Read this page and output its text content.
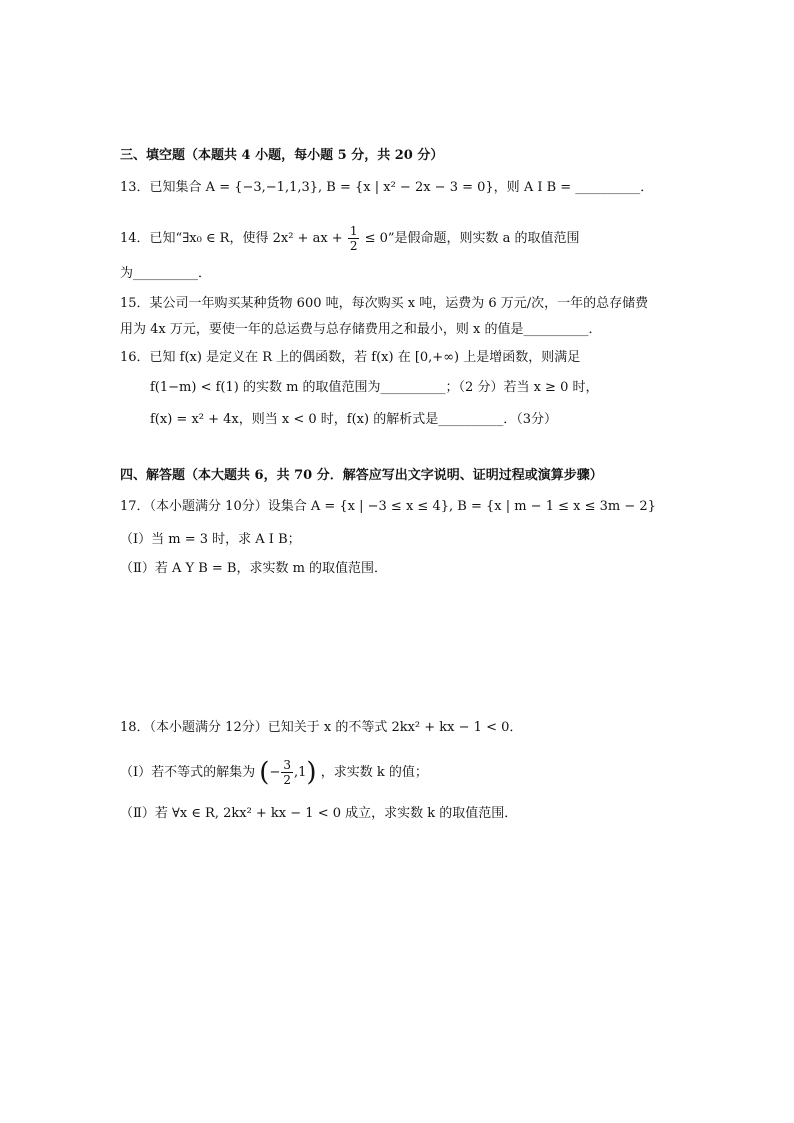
三、填空题（本题共 4 小题，每小题 5 分，共 20 分）
13．已知集合 A = {−3,−1,1,3}, B = {x | x² − 2x − 3 = 0}，则 A I B = __________．
14．已知“∃x₀ ∈ R，使得 2x² + ax + $\frac{1}{2} \le 0$”是假命题，则实数 a 的取值范围
为__________．
15．某公司一年购买某种货物 600 吨，每次购买 x 吨，运费为 6 万元/次，一年的总存储费
用为 4x 万元，要使一年的总运费与总存储费用之和最小，则 x 的值是__________．
16．已知 f(x) 是定义在 R 上的偶函数，若 f(x) 在 [0,+∞) 上是增函数，则满足
f(1−m) < f(1) 的实数 m 的取值范围为__________；（2 分）若当 x ≥ 0 时，
f(x) = x² + 4x，则当 x < 0 时，f(x) 的解析式是__________．（3分）
四、解答题（本大题共 6，共 70 分．解答应写出文字说明、证明过程或演算步骤）
17．（本小题满分 10分）设集合 A = {x | −3 ≤ x ≤ 4}, B = {x | m − 1 ≤ x ≤ 3m − 2}
（Ⅰ）当 m = 3 时，求 A I B；
（Ⅱ）若 A Y B = B，求实数 m 的取值范围．
18．（本小题满分 12分）已知关于 x 的不等式 2kx² + kx − 1 < 0．
（Ⅰ）若不等式的解集为 (− $\frac{3}{2} ,1$) ，求实数 k 的值；
（Ⅱ）若 ∀x ∈ R, 2kx² + kx − 1 < 0 成立，求实数 k 的取值范围．
